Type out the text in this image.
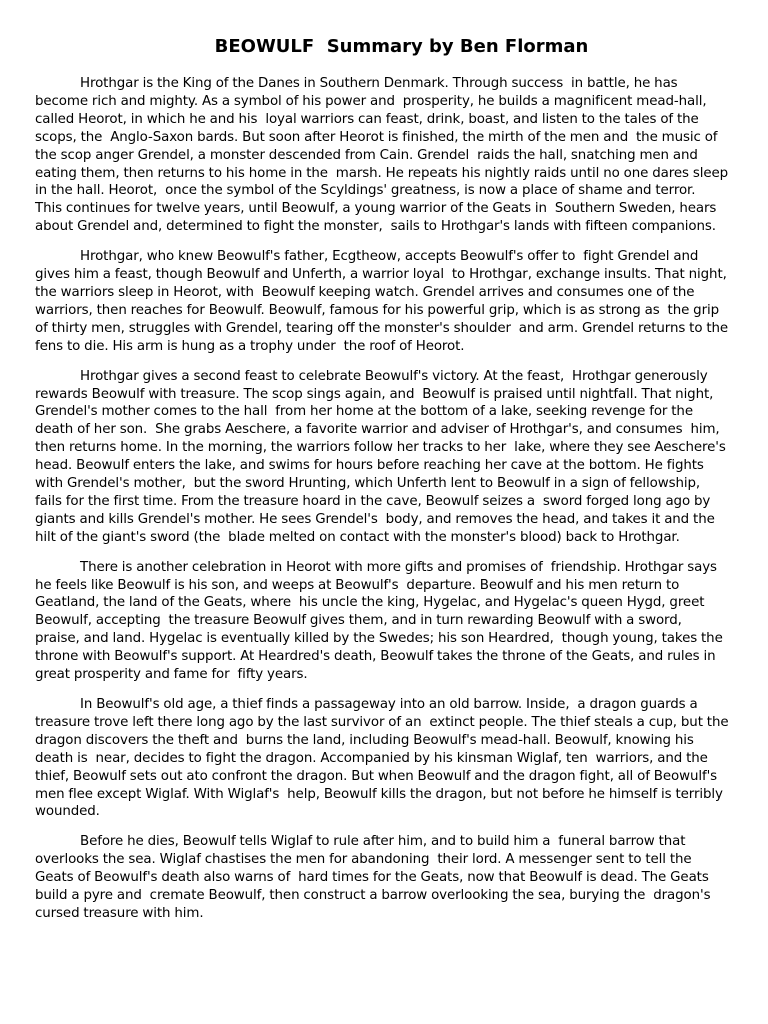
BEOWULF  Summary by Ben Florman

Hrothgar is the King of the Danes in Southern Denmark. Through success  in battle, he has become rich and mighty. As a symbol of his power and  prosperity, he builds a magnificent mead-hall, called Heorot, in which he and his  loyal warriors can feast, drink, boast, and listen to the tales of the scops, the  Anglo-Saxon bards. But soon after Heorot is finished, the mirth of the men and  the music of the scop anger Grendel, a monster descended from Cain. Grendel  raids the hall, snatching men and eating them, then returns to his home in the  marsh. He repeats his nightly raids until no one dares sleep in the hall. Heorot,  once the symbol of the Scyldings' greatness, is now a place of shame and terror.  This continues for twelve years, until Beowulf, a young warrior of the Geats in  Southern Sweden, hears about Grendel and, determined to fight the monster,  sails to Hrothgar's lands with fifteen companions.

Hrothgar, who knew Beowulf's father, Ecgtheow, accepts Beowulf's offer to  fight Grendel and gives him a feast, though Beowulf and Unferth, a warrior loyal  to Hrothgar, exchange insults. That night, the warriors sleep in Heorot, with  Beowulf keeping watch. Grendel arrives and consumes one of the warriors, then reaches for Beowulf. Beowulf, famous for his powerful grip, which is as strong as  the grip of thirty men, struggles with Grendel, tearing off the monster's shoulder  and arm. Grendel returns to the fens to die. His arm is hung as a trophy under  the roof of Heorot.

Hrothgar gives a second feast to celebrate Beowulf's victory. At the feast,  Hrothgar generously rewards Beowulf with treasure. The scop sings again, and  Beowulf is praised until nightfall. That night, Grendel's mother comes to the hall  from her home at the bottom of a lake, seeking revenge for the death of her son.  She grabs Aeschere, a favorite warrior and adviser of Hrothgar's, and consumes  him, then returns home. In the morning, the warriors follow her tracks to her  lake, where they see Aeschere's head. Beowulf enters the lake, and swims for hours before reaching her cave at the bottom. He fights with Grendel's mother,  but the sword Hrunting, which Unferth lent to Beowulf in a sign of fellowship,  fails for the first time. From the treasure hoard in the cave, Beowulf seizes a  sword forged long ago by giants and kills Grendel's mother. He sees Grendel's  body, and removes the head, and takes it and the hilt of the giant's sword (the  blade melted on contact with the monster's blood) back to Hrothgar.

There is another celebration in Heorot with more gifts and promises of  friendship. Hrothgar says he feels like Beowulf is his son, and weeps at Beowulf's  departure. Beowulf and his men return to Geatland, the land of the Geats, where  his uncle the king, Hygelac, and Hygelac's queen Hygd, greet Beowulf, accepting  the treasure Beowulf gives them, and in turn rewarding Beowulf with a sword,  praise, and land. Hygelac is eventually killed by the Swedes; his son Heardred,  though young, takes the throne with Beowulf's support. At Heardred's death, Beowulf takes the throne of the Geats, and rules in great prosperity and fame for  fifty years.

In Beowulf's old age, a thief finds a passageway into an old barrow. Inside,  a dragon guards a treasure trove left there long ago by the last survivor of an  extinct people. The thief steals a cup, but the dragon discovers the theft and  burns the land, including Beowulf's mead-hall. Beowulf, knowing his death is  near, decides to fight the dragon. Accompanied by his kinsman Wiglaf, ten  warriors, and the thief, Beowulf sets out ato confront the dragon. But when Beowulf and the dragon fight, all of Beowulf's men flee except Wiglaf. With Wiglaf's  help, Beowulf kills the dragon, but not before he himself is terribly wounded.

Before he dies, Beowulf tells Wiglaf to rule after him, and to build him a  funeral barrow that overlooks the sea. Wiglaf chastises the men for abandoning  their lord. A messenger sent to tell the Geats of Beowulf's death also warns of  hard times for the Geats, now that Beowulf is dead. The Geats build a pyre and  cremate Beowulf, then construct a barrow overlooking the sea, burying the  dragon's cursed treasure with him.
